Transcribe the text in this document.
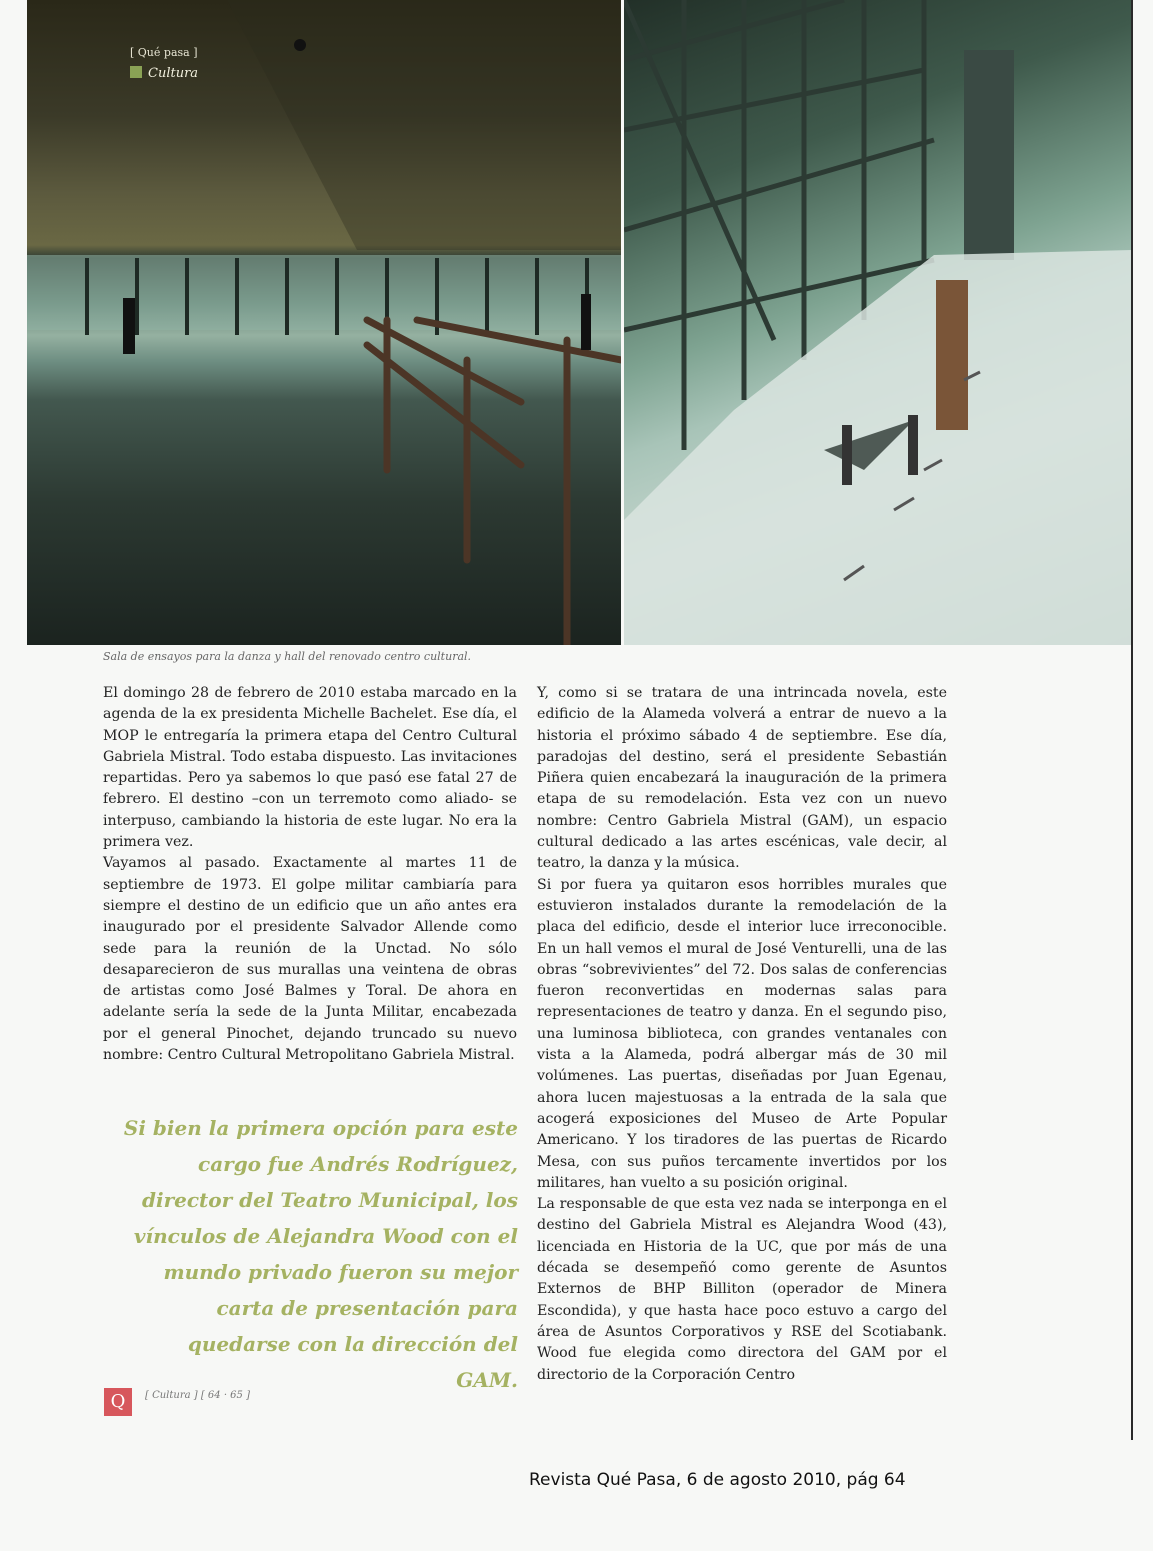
[ Qué pasa ]
Cultura
Sala de ensayos para la danza y hall del renovado centro cultural.

El domingo 28 de febrero de 2010 estaba marcado en la agenda de la ex presidenta Michelle Bachelet. Ese día, el MOP le entregaría la primera etapa del Centro Cultural Gabriela Mistral. Todo estaba dispuesto. Las invitaciones repartidas. Pero ya sabemos lo que pasó ese fatal 27 de febrero. El destino –con un terremoto como aliado- se interpuso, cambiando la historia de este lugar. No era la primera vez.

Vayamos al pasado. Exactamente al martes 11 de septiembre de 1973. El golpe militar cambiaría para siempre el destino de un edificio que un año antes era inaugurado por el presidente Salvador Allende como sede para la reunión de la Unctad. No sólo desaparecieron de sus murallas una veintena de obras de artistas como José Balmes y Toral. De ahora en adelante sería la sede de la Junta Militar, encabezada por el general Pinochet, dejando truncado su nuevo nombre: Centro Cultural Metropolitano Gabriela Mistral.

Si bien la primera opción para este cargo fue Andrés Rodríguez, director del Teatro Municipal, los vínculos de Alejandra Wood con el mundo privado fueron su mejor carta de presentación para quedarse con la dirección del GAM.

Y, como si se tratara de una intrincada novela, este edificio de la Alameda volverá a entrar de nuevo a la historia el próximo sábado 4 de septiembre. Ese día, paradojas del destino, será el presidente Sebastián Piñera quien encabezará la inauguración de la primera etapa de su remodelación. Esta vez con un nuevo nombre: Centro Gabriela Mistral (GAM), un espacio cultural dedicado a las artes escénicas, vale decir, al teatro, la danza y la música.

Si por fuera ya quitaron esos horribles murales que estuvieron instalados durante la remodelación de la placa del edificio, desde el interior luce irreconocible. En un hall vemos el mural de José Venturelli, una de las obras “sobrevivientes” del 72. Dos salas de conferencias fueron reconvertidas en modernas salas para representaciones de teatro y danza. En el segundo piso, una luminosa biblioteca, con grandes ventanales con vista a la Alameda, podrá albergar más de 30 mil volúmenes. Las puertas, diseñadas por Juan Egenau, ahora lucen majestuosas a la entrada de la sala que acogerá exposiciones del Museo de Arte Popular Americano. Y los tiradores de las puertas de Ricardo Mesa, con sus puños tercamente invertidos por los militares, han vuelto a su posición original.

La responsable de que esta vez nada se interponga en el destino del Gabriela Mistral es Alejandra Wood (43), licenciada en Historia de la UC, que por más de una década se desempeñó como gerente de Asuntos Externos de BHP Billiton (operador de Minera Escondida), y que hasta hace poco estuvo a cargo del área de Asuntos Corporativos y RSE del Scotiabank. Wood fue elegida como directora del GAM por el directorio de la Corporación Centro

Q	[ Cultura ] [ 64 · 65 ]
Revista Qué Pasa, 6 de agosto 2010, pág 64
